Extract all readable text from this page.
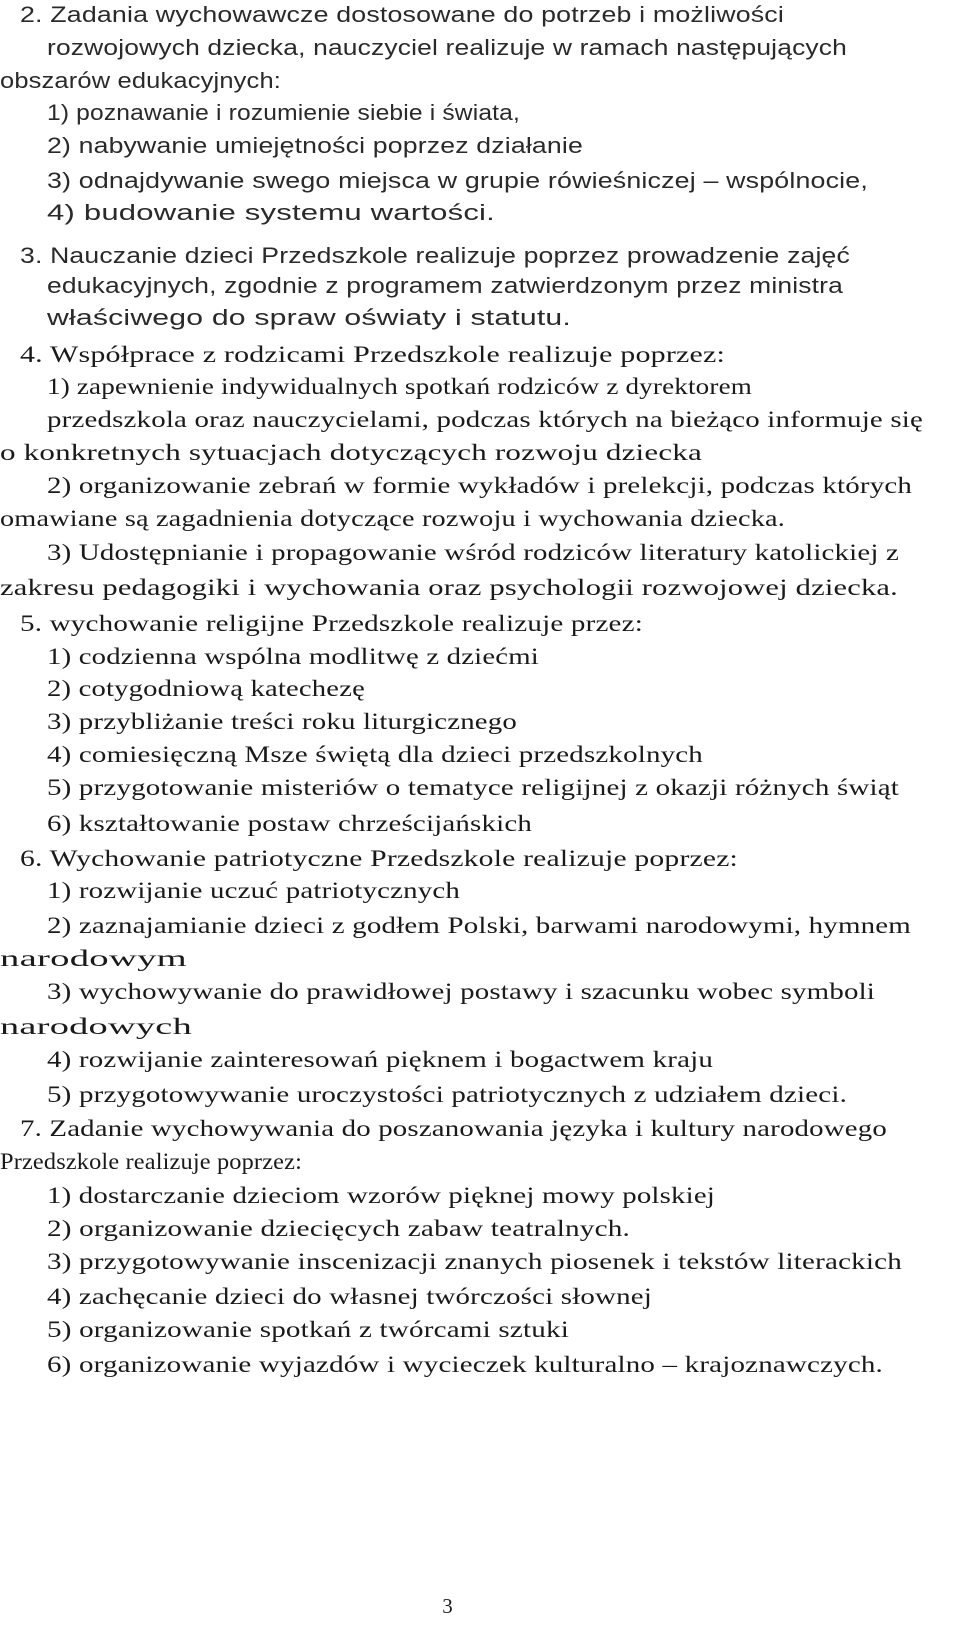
2. Zadania wychowawcze dostosowane do potrzeb i możliwości
rozwojowych dziecka, nauczyciel realizuje w ramach następujących
obszarów edukacyjnych:
1) poznawanie i rozumienie siebie i świata,
2) nabywanie umiejętności poprzez działanie
3) odnajdywanie swego miejsca w grupie rówieśniczej – wspólnocie,
4) budowanie systemu wartości.
3. Nauczanie dzieci Przedszkole realizuje poprzez prowadzenie zajęć
edukacyjnych, zgodnie z programem zatwierdzonym przez ministra
właściwego do spraw oświaty i statutu.
4. Współprace z rodzicami Przedszkole realizuje poprzez:
1) zapewnienie indywidualnych spotkań rodziców z dyrektorem
przedszkola oraz nauczycielami, podczas których na bieżąco informuje się
o konkretnych sytuacjach dotyczących rozwoju dziecka
2) organizowanie zebrań w formie wykładów i prelekcji, podczas których
omawiane są zagadnienia dotyczące rozwoju i wychowania dziecka.
3) Udostępnianie i propagowanie wśród rodziców literatury katolickiej z
zakresu pedagogiki i wychowania oraz psychologii rozwojowej dziecka.
5. wychowanie religijne Przedszkole realizuje przez:
1) codzienna wspólna modlitwę z dziećmi
2) cotygodniową katechezę
3) przybliżanie treści roku liturgicznego
4) comiesięczną Msze świętą dla dzieci przedszkolnych
5) przygotowanie misteriów o tematyce religijnej z okazji różnych świąt
6) kształtowanie postaw chrześcijańskich
6. Wychowanie patriotyczne Przedszkole realizuje poprzez:
1) rozwijanie uczuć patriotycznych
2) zaznajamianie dzieci z godłem Polski, barwami narodowymi, hymnem
narodowym
3) wychowywanie do prawidłowej postawy i szacunku wobec symboli
narodowych
4) rozwijanie zainteresowań pięknem i bogactwem kraju
5) przygotowywanie uroczystości patriotycznych z udziałem dzieci.
7. Zadanie wychowywania do poszanowania języka i kultury narodowego
Przedszkole realizuje poprzez:
1) dostarczanie dzieciom wzorów pięknej mowy polskiej
2) organizowanie dziecięcych zabaw teatralnych.
3) przygotowywanie inscenizacji znanych piosenek i tekstów literackich
4) zachęcanie dzieci do własnej twórczości słownej
5) organizowanie spotkań z twórcami sztuki
6) organizowanie wyjazdów i wycieczek kulturalno – krajoznawczych.
3
